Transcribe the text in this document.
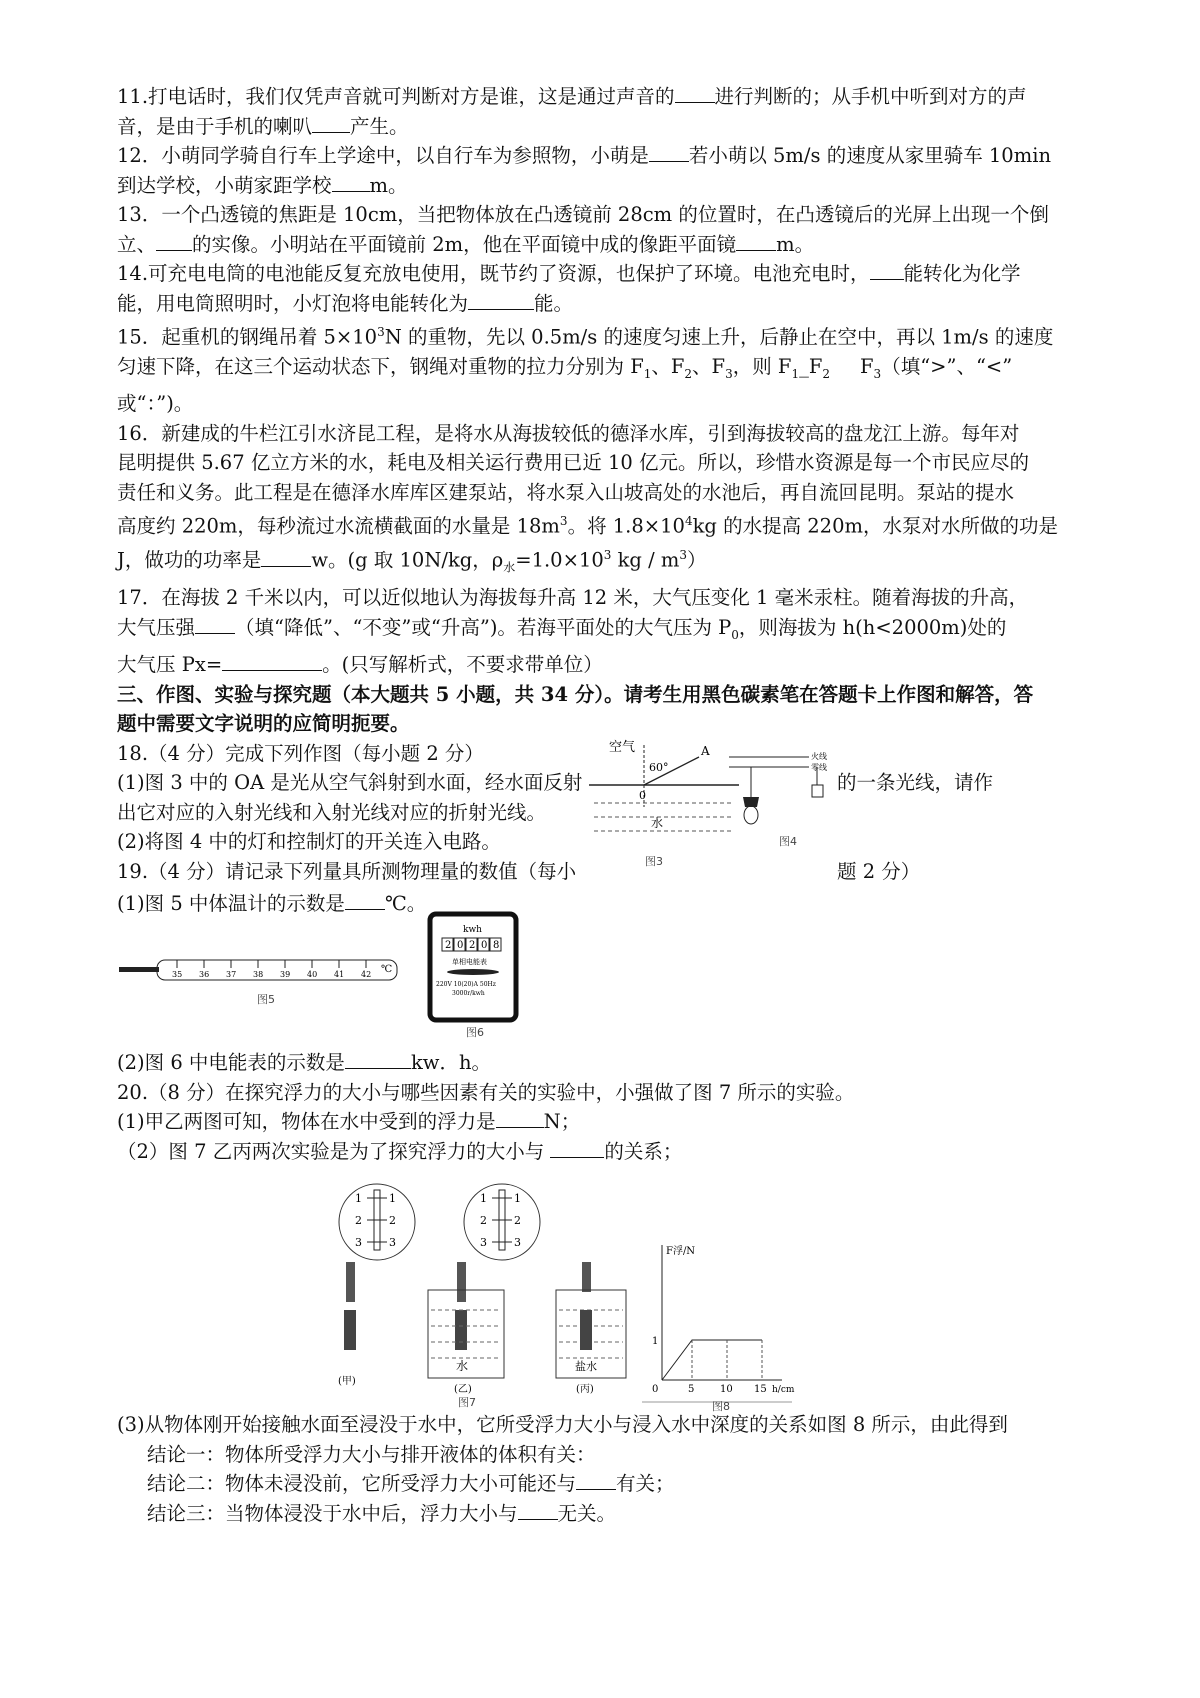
11.打电话时，我们仅凭声音就可判断对方是谁，这是通过声音的 进行判断的；从手机中听到对方的声
音，是由于手机的喇叭 产生。

12．小萌同学骑自行车上学途中，以自行车为参照物，小萌是 若小萌以 5m/s 的速度从家里骑车 10min
到达学校，小萌家距学校 m。

13．一个凸透镜的焦距是 10cm，当把物体放在凸透镜前 28cm 的位置时，在凸透镜后的光屏上出现一个倒
立、 的实像。小明站在平面镜前 2m，他在平面镜中成的像距平面镜 m。

14.可充电电筒的电池能反复充放电使用，既节约了资源，也保护了环境。电池充电时， 能转化为化学
能，用电筒照明时，小灯泡将电能转化为	能。

15．起重机的钢绳吊着 $5\times 10^3N$ 的重物，先以 0.5m/s 的速度匀速上升，后静止在空中，再以 1m/s 的速度
匀速下降，在这三个运动状态下，钢绳对重物的拉力分别为 $F_1$、$F_2$、$F_3$，则 $F_1\_F_2$ $F_3$（填“>”、“<”
或“：”)。

16．新建成的牛栏江引水济昆工程，是将水从海拔较低的德泽水库，引到海拔较高的盘龙江上游。每年对
昆明提供 5.67 亿立方米的水，耗电及相关运行费用已近 10 亿元。所以，珍惜水资源是每一个市民应尽的
责任和义务。此工程是在德泽水库库区建泵站，将水泵入山坡高处的水池后，再自流回昆明。泵站的提水
高度约 220m，每秒流过水流横截面的水量是 $18m^3$。将 $1.8\times 10^4kg$ 的水提高 220m，水泵对水所做的功是
J，做功的功率是	w。(g 取 10N/kg，$\rho_水=1.0\times 10^3$ kg / $m^3$）

17．在海拔 2 千米以内，可以近似地认为海拔每升高 12 米，大气压变化 1 毫米汞柱。随着海拔的升高，
大气压强 （填“降低”、“不变”或“升高”)。若海平面处的大气压为 $P_0$，则海拔为 h(h<2000m)处的
大气压 Px=	。(只写解析式，不要求带单位）

三、作图、实验与探究题（本大题共 5 小题，共 34 分）。请考生用黑色碳素笔在答题卡上作图和解答，答
题中需要文字说明的应简明扼要。

18.（4 分）完成下列作图（每小题 2 分）
(1)图 3 中的 OA 是光从空气斜射到水面，经水面反射	的一条光线，请作

出它对应的入射光线和入射光线对应的折射光线。
(2)将图 4 中的灯和控制灯的开关连入电路。
19.（4 分）请记录下列量具所测物理量的数值（每小	题 2 分）

空气	A
60°
0
水
图3
火线
零线
图4

(1)图 5 中体温计的示数是 ℃。

35 36 37 38 39 40 41 42 ℃
图5
kwh
2 0 2 0 8
单相电能表
220V 10(20)A 50Hz
3000r/kwh
图6

(2)图 6 中电能表的示数是	kw．h。

20.（8 分）在探究浮力的大小与哪些因素有关的实验中，小强做了图 7 所示的实验。
(1)甲乙两图可知，物体在水中受到的浮力是 N；
（2）图 7 乙丙两次实验是为了探究浮力的大小与	的关系；

1 1
2 2
3 3
1 1
2 2
3 3
水	盐水
(甲)
(乙)	(丙)
图7
F浮/N
1
0	5	10 15 h/cm
图8

(3)从物体刚开始接触水面至浸没于水中，它所受浮力大小与浸入水中深度的关系如图 8 所示，由此得到

结论一：物体所受浮力大小与排开液体的体积有关：

结论二：物体未浸没前，它所受浮力大小可能还与 有关；

结论三：当物体浸没于水中后，浮力大小与 无关。
